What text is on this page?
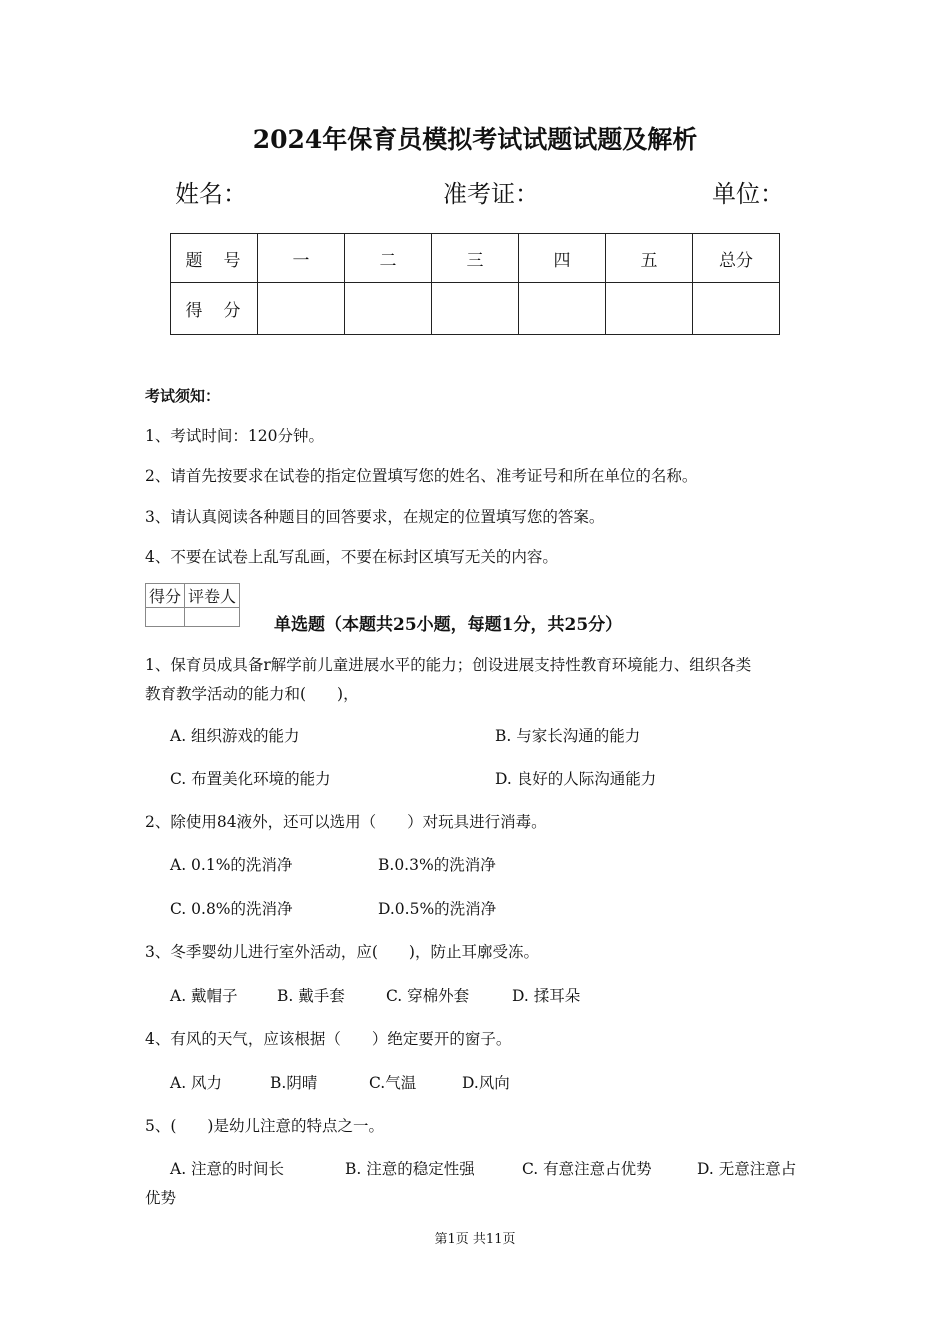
2024年保育员模拟考试试题试题及解析
姓名：	准考证：	单位：
题　号	一	二	三	四	五	总分
得　分						
考试须知：
1、考试时间：120分钟。
2、请首先按要求在试卷的指定位置填写您的姓名、准考证号和所在单位的名称。
3、请认真阅读各种题目的回答要求，在规定的位置填写您的答案。
4、不要在试卷上乱写乱画，不要在标封区填写无关的内容。
得分	评卷人

单选题（本题共25小题，每题1分，共25分）
1、保育员成具备r解学前儿童进展水平的能力；创设进展支持性教育环境能力、组织各类
教育教学活动的能力和(　　)，
A. 组织游戏的能力	B. 与家长沟通的能力
C. 布置美化环境的能力	D. 良好的人际沟通能力
2、除使用84液外，还可以选用（　　）对玩具进行消毒。
A. 0.1%的洗消净	B.0.3%的洗消净
C. 0.8%的洗消净	D.0.5%的洗消净
3、冬季婴幼儿进行室外活动，应(　　)，防止耳廓受冻。
A. 戴帽子	B. 戴手套	C. 穿棉外套	D. 揉耳朵
4、有风的天气，应该根据（　　）绝定要开的窗子。
A. 风力	B.阴晴	C.气温	D.风向
5、(　　)是幼儿注意的特点之一。
A. 注意的时间长	B. 注意的稳定性强	C. 有意注意占优势	D. 无意注意占
优势
第1页 共11页
